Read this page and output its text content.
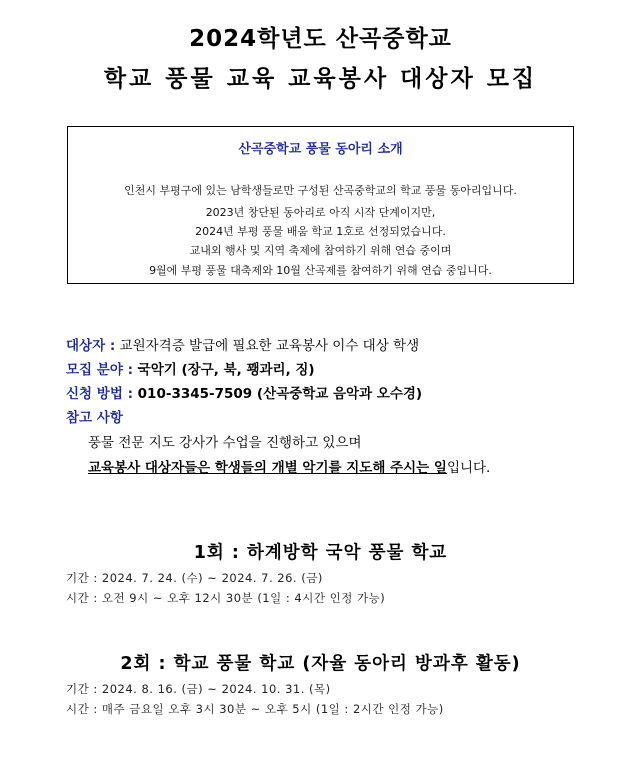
2024학년도 산곡중학교
학교 풍물 교육 교육봉사 대상자 모집
산곡중학교 풍물 동아리 소개
인천시 부평구에 있는 남학생들로만 구성된 산곡중학교의 학교 풍물 동아리입니다.
2023년 창단된 동아리로 아직 시작 단계이지만,
2024년 부평 풍물 배움 학교 1호로 선정되었습니다.
교내외 행사 및 지역 축제에 참여하기 위해 연습 중이며
9월에 부평 풍물 대축제와 10월 산곡제를 참여하기 위해 연습 중입니다.
대상자 : 교원자격증 발급에 필요한 교육봉사 이수 대상 학생
모집 분야 : 국악기 (장구, 북, 꽹과리, 징)
신청 방법 : 010-3345-7509 (산곡중학교 음악과 오수경)
참고 사항
풍물 전문 지도 강사가 수업을 진행하고 있으며
교육봉사 대상자들은 학생들의 개별 악기를 지도해 주시는 일입니다.
1회 : 하계방학 국악 풍물 학교
기간 : 2024. 7. 24. (수) ~ 2024. 7. 26. (금)
시간 : 오전 9시 ~ 오후 12시 30분 (1일 : 4시간 인정 가능)
2회 : 학교 풍물 학교 (자율 동아리 방과후 활동)
기간 : 2024. 8. 16. (금) ~ 2024. 10. 31. (목)
시간 : 매주 금요일 오후 3시 30분 ~ 오후 5시 (1일 : 2시간 인정 가능)
